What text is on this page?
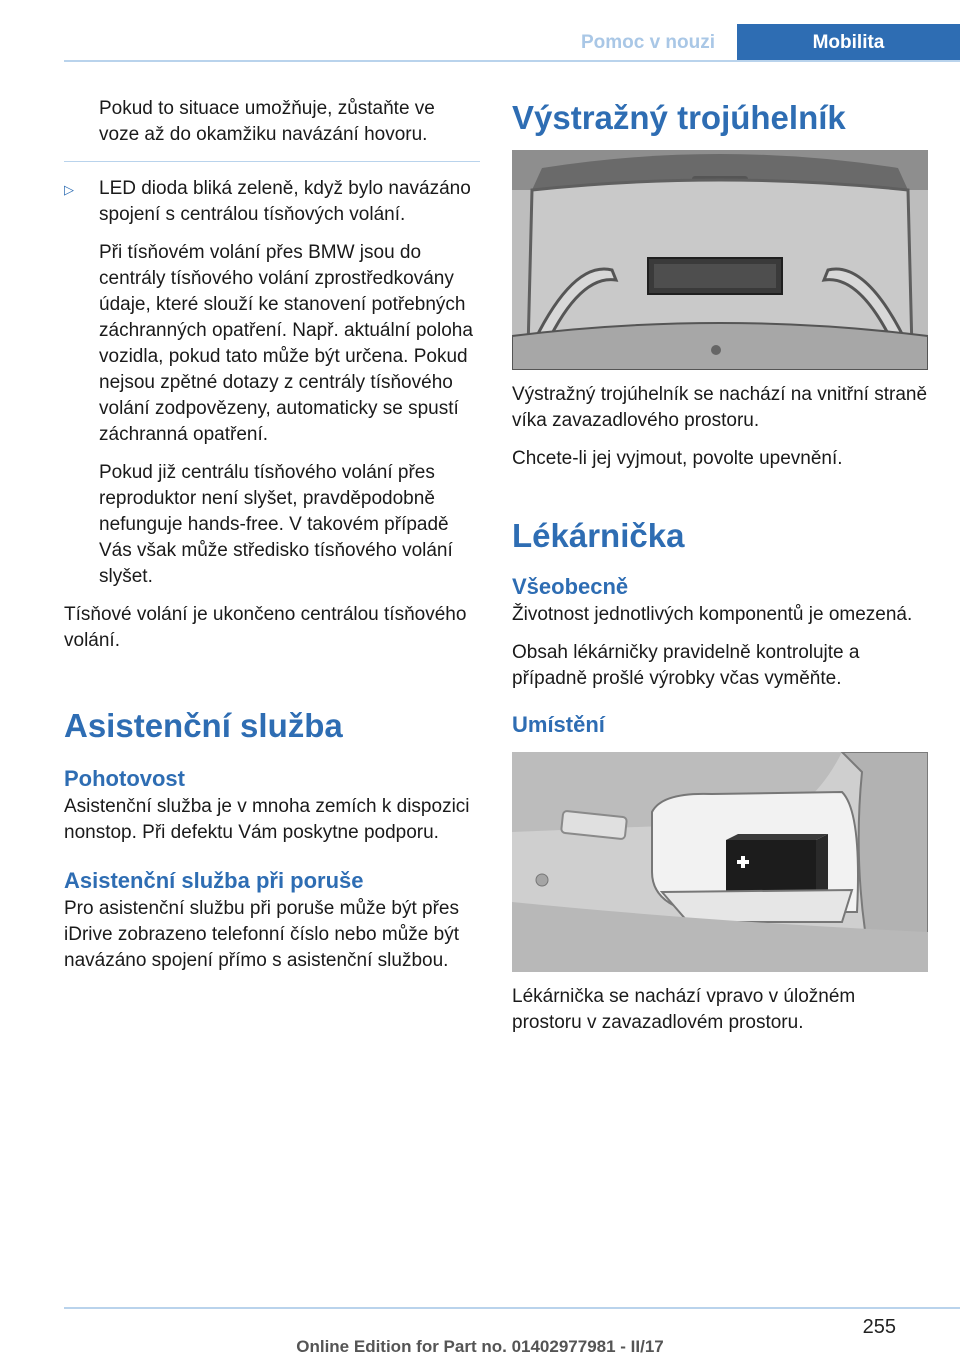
Pomoc v nouzi	Mobilita

Pokud to situace umožňuje, zůstaňte ve voze až do okamžiku navázání hovoru.

▷ LED dioda bliká zeleně, když bylo navázáno spojení s centrálou tísňových volání.

Při tísňovém volání přes BMW jsou do centrály tísňového volání zprostředkovány údaje, které slouží ke stanovení potřebných záchranných opatření. Např. aktuální poloha vozidla, pokud tato může být určena. Pokud nejsou zpětné dotazy z centrály tísňového volání zodpovězeny, automaticky se spustí záchranná opatření.

Pokud již centrálu tísňového volání přes reproduktor není slyšet, pravděpodobně nefunguje hands-free. V takovém případě Vás však může středisko tísňového volání slyšet.

Tísňové volání je ukončeno centrálou tísňového volání.

Asistenční služba
Pohotovost

Asistenční služba je v mnoha zemích k dispozici nonstop. Při defektu Vám poskytne podporu.

Asistenční služba při poruše

Pro asistenční službu při poruše může být přes iDrive zobrazeno telefonní číslo nebo může být navázáno spojení přímo s asistenční službou.

Výstražný trojúhelník

Výstražný trojúhelník se nachází na vnitřní straně víka zavazadlového prostoru.

Chcete-li jej vyjmout, povolte upevnění.

Lékárnička
Všeobecně

Životnost jednotlivých komponentů je omezená.

Obsah lékárničky pravidelně kontrolujte a případně prošlé výrobky včas vyměňte.

Umístění

Lékárnička se nachází vpravo v úložném prostoru v zavazadlovém prostoru.

255
Online Edition for Part no. 01402977981 - II/17
